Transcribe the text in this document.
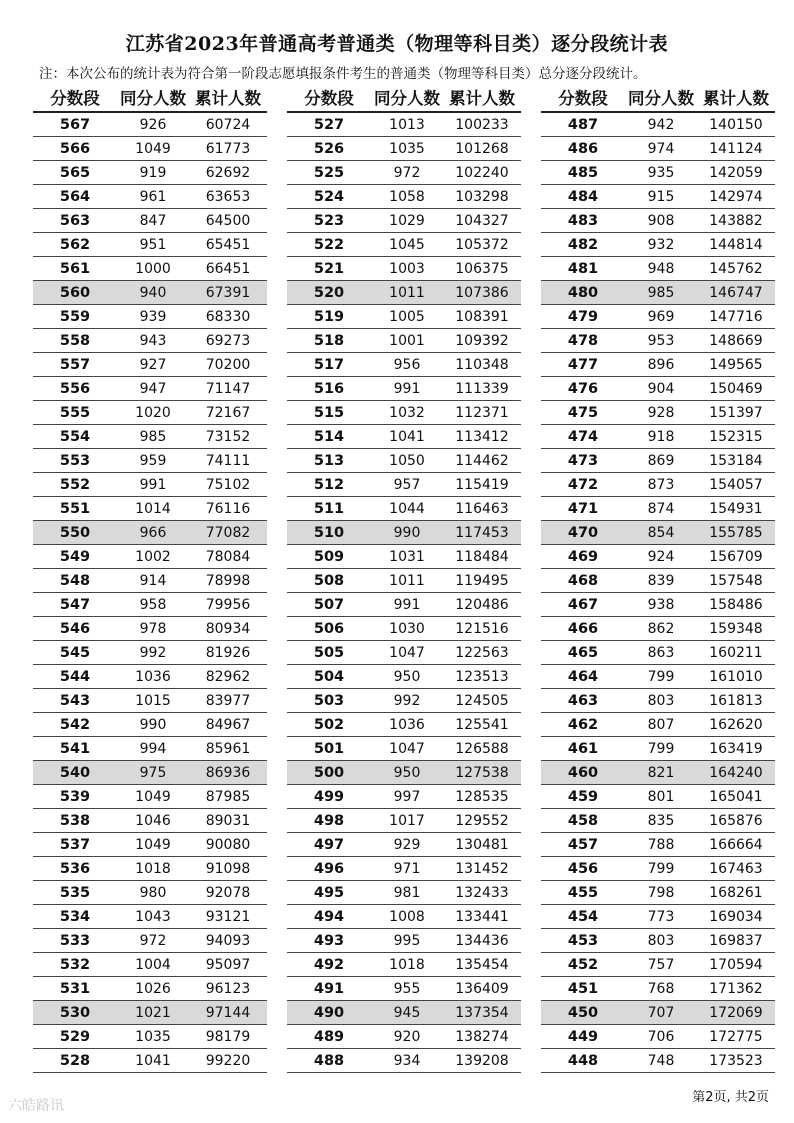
江苏省2023年普通高考普通类（物理等科目类）逐分段统计表
注：本次公布的统计表为符合第一阶段志愿填报条件考生的普通类（物理等科目类）总分逐分段统计。
分数段	同分人数 累计人数
567	926	60724
566	1049	61773
565	919	62692
564	961	63653
563	847	64500
562	951	65451
561	1000	66451
560	940	67391
559	939	68330
558	943	69273
557	927	70200
556	947	71147
555	1020	72167
554	985	73152
553	959	74111
552	991	75102
551	1014	76116
550	966	77082
549	1002	78084
548	914	78998
547	958	79956
546	978	80934
545	992	81926
544	1036	82962
543	1015	83977
542	990	84967
541	994	85961
540	975	86936
539	1049	87985
538	1046	89031
537	1049	90080
536	1018	91098
535	980	92078
534	1043	93121
533	972	94093
532	1004	95097
531	1026	96123
530	1021	97144
529	1035	98179
528	1041	99220
分数段	同分人数 累计人数
527	1013	100233
526	1035	101268
525	972	102240
524	1058	103298
523	1029	104327
522	1045	105372
521	1003	106375
520	1011	107386
519	1005	108391
518	1001	109392
517	956	110348
516	991	111339
515	1032	112371
514	1041	113412
513	1050	114462
512	957	115419
511	1044	116463
510	990	117453
509	1031	118484
508	1011	119495
507	991	120486
506	1030	121516
505	1047	122563
504	950	123513
503	992	124505
502	1036	125541
501	1047	126588
500	950	127538
499	997	128535
498	1017	129552
497	929	130481
496	971	131452
495	981	132433
494	1008	133441
493	995	134436
492	1018	135454
491	955	136409
490	945	137354
489	920	138274
488	934	139208
分数段	同分人数 累计人数
487	942	140150
486	974	141124
485	935	142059
484	915	142974
483	908	143882
482	932	144814
481	948	145762
480	985	146747
479	969	147716
478	953	148669
477	896	149565
476	904	150469
475	928	151397
474	918	152315
473	869	153184
472	873	154057
471	874	154931
470	854	155785
469	924	156709
468	839	157548
467	938	158486
466	862	159348
465	863	160211
464	799	161010
463	803	161813
462	807	162620
461	799	163419
460	821	164240
459	801	165041
458	835	165876
457	788	166664
456	799	167463
455	798	168261
454	773	169034
453	803	169837
452	757	170594
451	768	171362
450	707	172069
449	706	172775
448	748	173523
第2页, 共2页
六皓路讯
